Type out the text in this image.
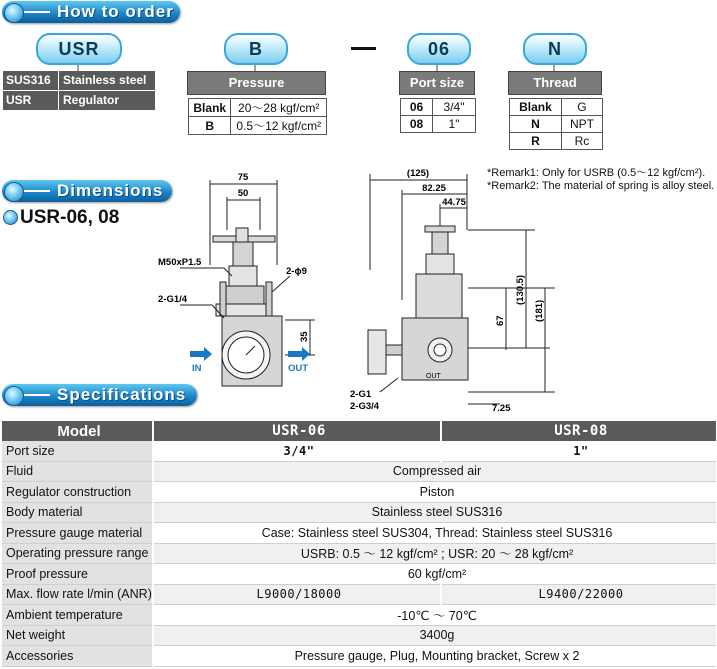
How to order
USR	B	06	N
SUS316	Stainless steel
USR	Regulator
Pressure
Blank	20～28 kgf/cm²
B	0.5～12 kgf/cm²
Port size
06	3/4"
08	1"
Thread
Blank	G
N	NPT
R	Rc
*Remark1: Only for USRB (0.5～12 kgf/cm²).
*Remark2: The material of spring is alloy steel.
Dimensions
USR-06, 08
75
50
M50xP1.5
2-ϕ9
2-G1/4
35
IN	OUT
(125)
82.25
44.75
(130.5)
(181)
67
7.25
2-G1
2-G3/4
OUT
Specifications
Model	USR-06	USR-08
Port size	3/4"	1"
Fluid	Compressed air	
Regulator construction	Piston	
Body material	Stainless steel SUS316	
Pressure gauge material	Case: Stainless steel SUS304, Thread: Stainless steel SUS316	
Operating pressure range	USRB: 0.5 ～ 12 kgf/cm² ; USR: 20 ～ 28 kgf/cm²	
Proof pressure	60 kgf/cm²	
Max. flow rate l/min (ANR)	L9000/18000	L9400/22000
Ambient temperature	-10℃ ～ 70℃	
Net weight	3400g	
Accessories	Pressure gauge, Plug, Mounting bracket, Screw x 2	
